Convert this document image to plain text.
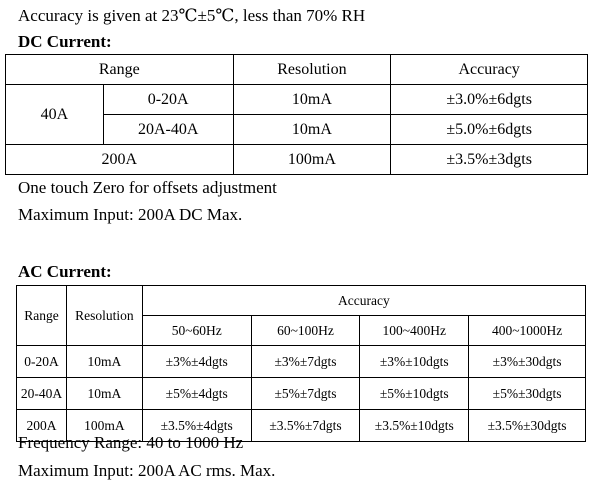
Accuracy is given at 23℃±5℃, less than 70% RH
DC Current:
Range		Resolution	Accuracy
40A	0-20A	10mA	±3.0%±6dgts
	20A-40A	10mA	±5.0%±6dgts
200A		100mA	±3.5%±3dgts
One touch Zero for offsets adjustment
Maximum Input: 200A DC Max.
AC Current:
Range	Resolution	Accuracy			
		50~60Hz	60~100Hz	100~400Hz	400~1000Hz
0-20A	10mA	±3%±4dgts	±3%±7dgts	±3%±10dgts	±3%±30dgts
20-40A	10mA	±5%±4dgts	±5%±7dgts	±5%±10dgts	±5%±30dgts
200A	100mA	±3.5%±4dgts	±3.5%±7dgts	±3.5%±10dgts	±3.5%±30dgts
Frequency Range: 40 to 1000 Hz
Maximum Input: 200A AC rms. Max.
